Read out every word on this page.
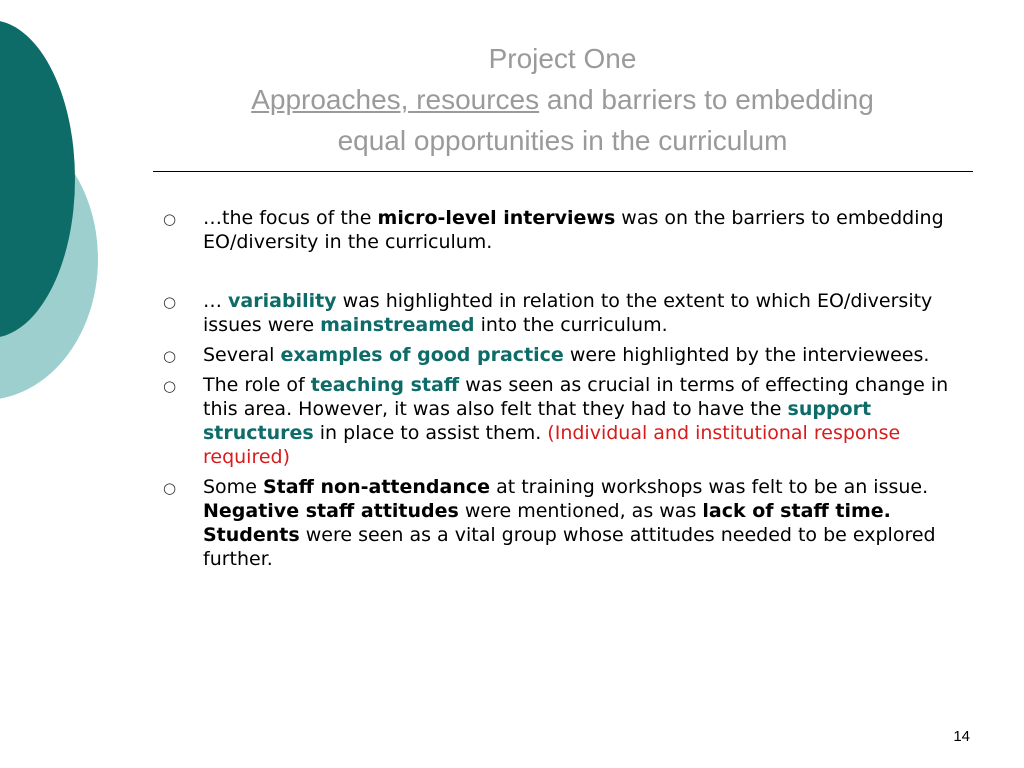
Project One
Approaches, resources and barriers to embedding
equal opportunities in the curriculum
○ …the focus of the micro-level interviews was on the barriers to embedding EO/diversity in the curriculum.
○ … variability was highlighted in relation to the extent to which EO/diversity issues were mainstreamed into the curriculum.
○ Several examples of good practice were highlighted by the interviewees.
○ The role of teaching staff was seen as crucial in terms of effecting change in this area. However, it was also felt that they had to have the support structures in place to assist them. (Individual and institutional response required)
○ Some Staff non-attendance at training workshops was felt to be an issue. Negative staff attitudes were mentioned, as was lack of staff time. Students were seen as a vital group whose attitudes needed to be explored further.
14
